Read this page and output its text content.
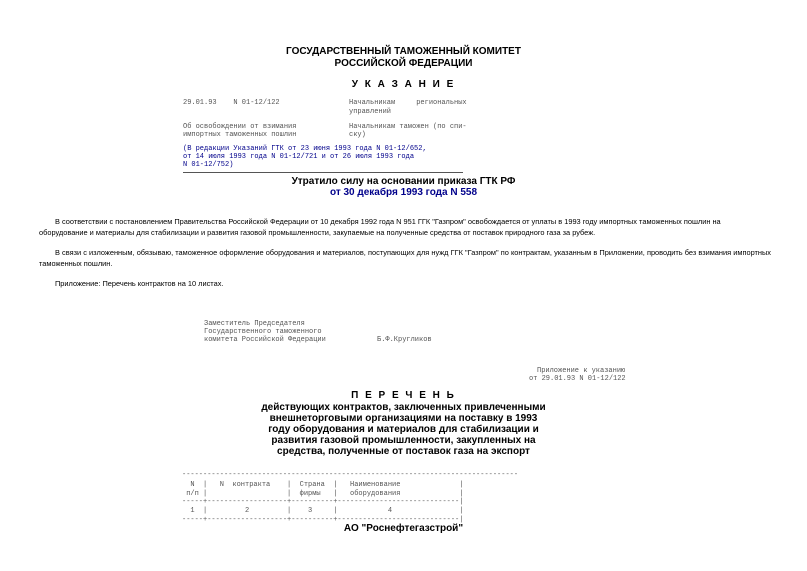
ГОСУДАРСТВЕННЫЙ ТАМОЖЕННЫЙ КОМИТЕТ
РОССИЙСКОЙ ФЕДЕРАЦИИ
У К А З А Н И Е
29.01.93    N 01-12/122	Начальникам     региональных
управлений
Об освобождении от взимания
импортных таможенных пошлин
Начальникам таможен (по спи-
ску)
(В редакции Указаний ГТК от 23 июня 1993 года N 01-12/652,
от 14 июля 1993 года N 01-12/721 и от 26 июля 1993 года
N 01-12/752)
Утратило силу на основании приказа ГТК РФ
от 30 декабря 1993 года N 558
В соответствии с постановлением Правительства Российской Федерации от 10 декабря 1992 года N 951 ГГК "Газпром" освобождается от уплаты в 1993 году импортных таможенных пошлин на оборудование и материалы для стабилизации и развития газовой промышленности, закупаемые на полученные средства от поставок природного газа за рубеж.
В связи с изложенным, обязываю, таможенное оформление оборудования и материалов, поступающих для нужд ГГК "Газпром" по контрактам, указанным в Приложении, проводить без взимания импортных таможенных пошлин.
Приложение: Перечень контрактов на 10 листах.
Заместитель Председателя
Государственного таможенного
комитета Российской Федерации	Б.Ф.Кругликов
Приложение к указанию
от 29.01.93 N 01-12/122
П Е Р Е Ч Е Н Ь
действующих контрактов, заключенных привлеченными
внешнеторговыми организациями на поставку в 1993
году оборудования и материалов для стабилизации и
развития газовой промышленности, закупленных на
средства, полученные от поставок газа на экспорт
--------------------------------------------------------------------------------
N  |   N  контракта    |  Страна  |   Наименование              |
п/п |                   |  фирмы   |   оборудования              |
-----+-------------------+----------+-----------------------------|
1  |         2         |    3     |            4                |
-----+-------------------+----------+-----------------------------|
АО "Роснефтегазстрой"
